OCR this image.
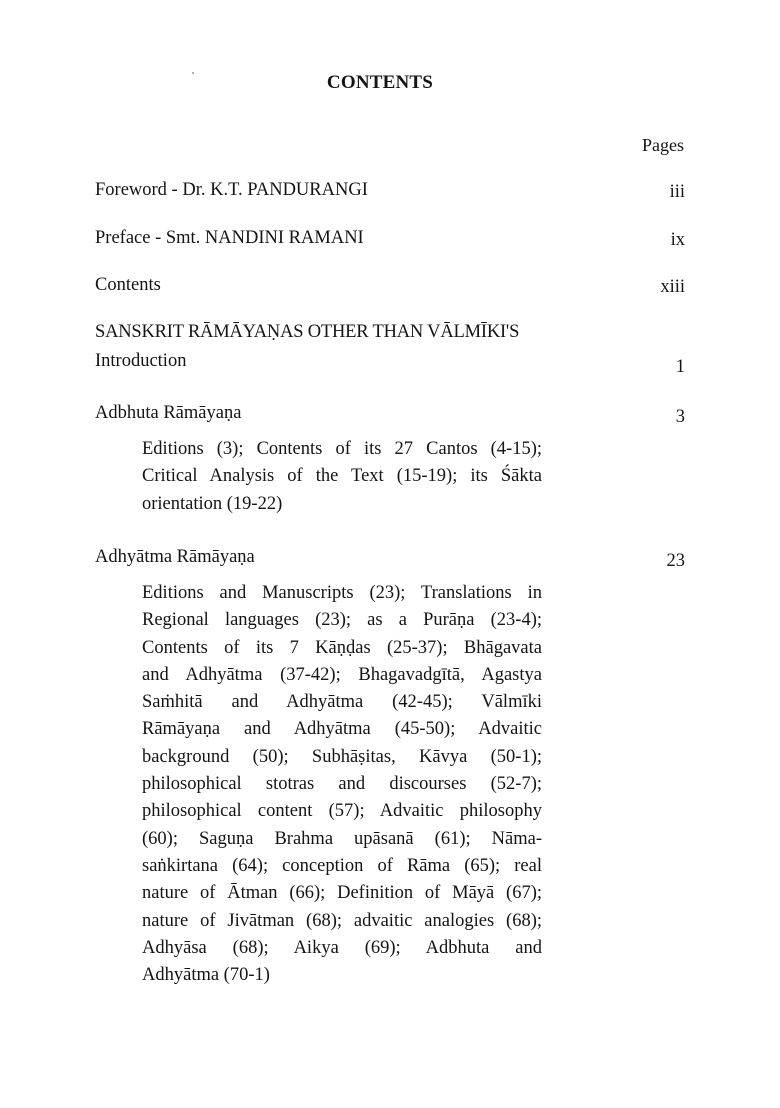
CONTENTS
Pages
Foreword - Dr. K.T. PANDURANGI	iii
Preface - Smt. NANDINI RAMANI	ix
Contents	xiii
SANSKRIT RĀMĀYAṆAS OTHER THAN VĀLMĪKI'S
Introduction	1
Adbhuta Rāmāyaṇa	3
Editions (3); Contents of its 27 Cantos (4-15);
Critical Analysis of the Text (15-19); its Śākta
orientation (19-22)
Adhyātma Rāmāyaṇa	23
Editions and Manuscripts (23); Translations in
Regional languages (23); as a Purāṇa (23-4);
Contents of its 7 Kāṇḍas (25-37); Bhāgavata
and Adhyātma (37-42); Bhagavadgītā, Agastya
Saṁhitā and Adhyātma (42-45); Vālmīki
Rāmāyaṇa and Adhyātma (45-50); Advaitic
background (50); Subhāṣitas, Kāvya (50-1);
philosophical stotras and discourses (52-7);
philosophical content (57); Advaitic philosophy
(60); Saguṇa Brahma upāsanā (61); Nāma-
saṅkirtana (64); conception of Rāma (65); real
nature of Ātman (66); Definition of Māyā (67);
nature of Jivātman (68); advaitic analogies (68);
Adhyāsa (68); Aikya (69); Adbhuta and
Adhyātma (70-1)
